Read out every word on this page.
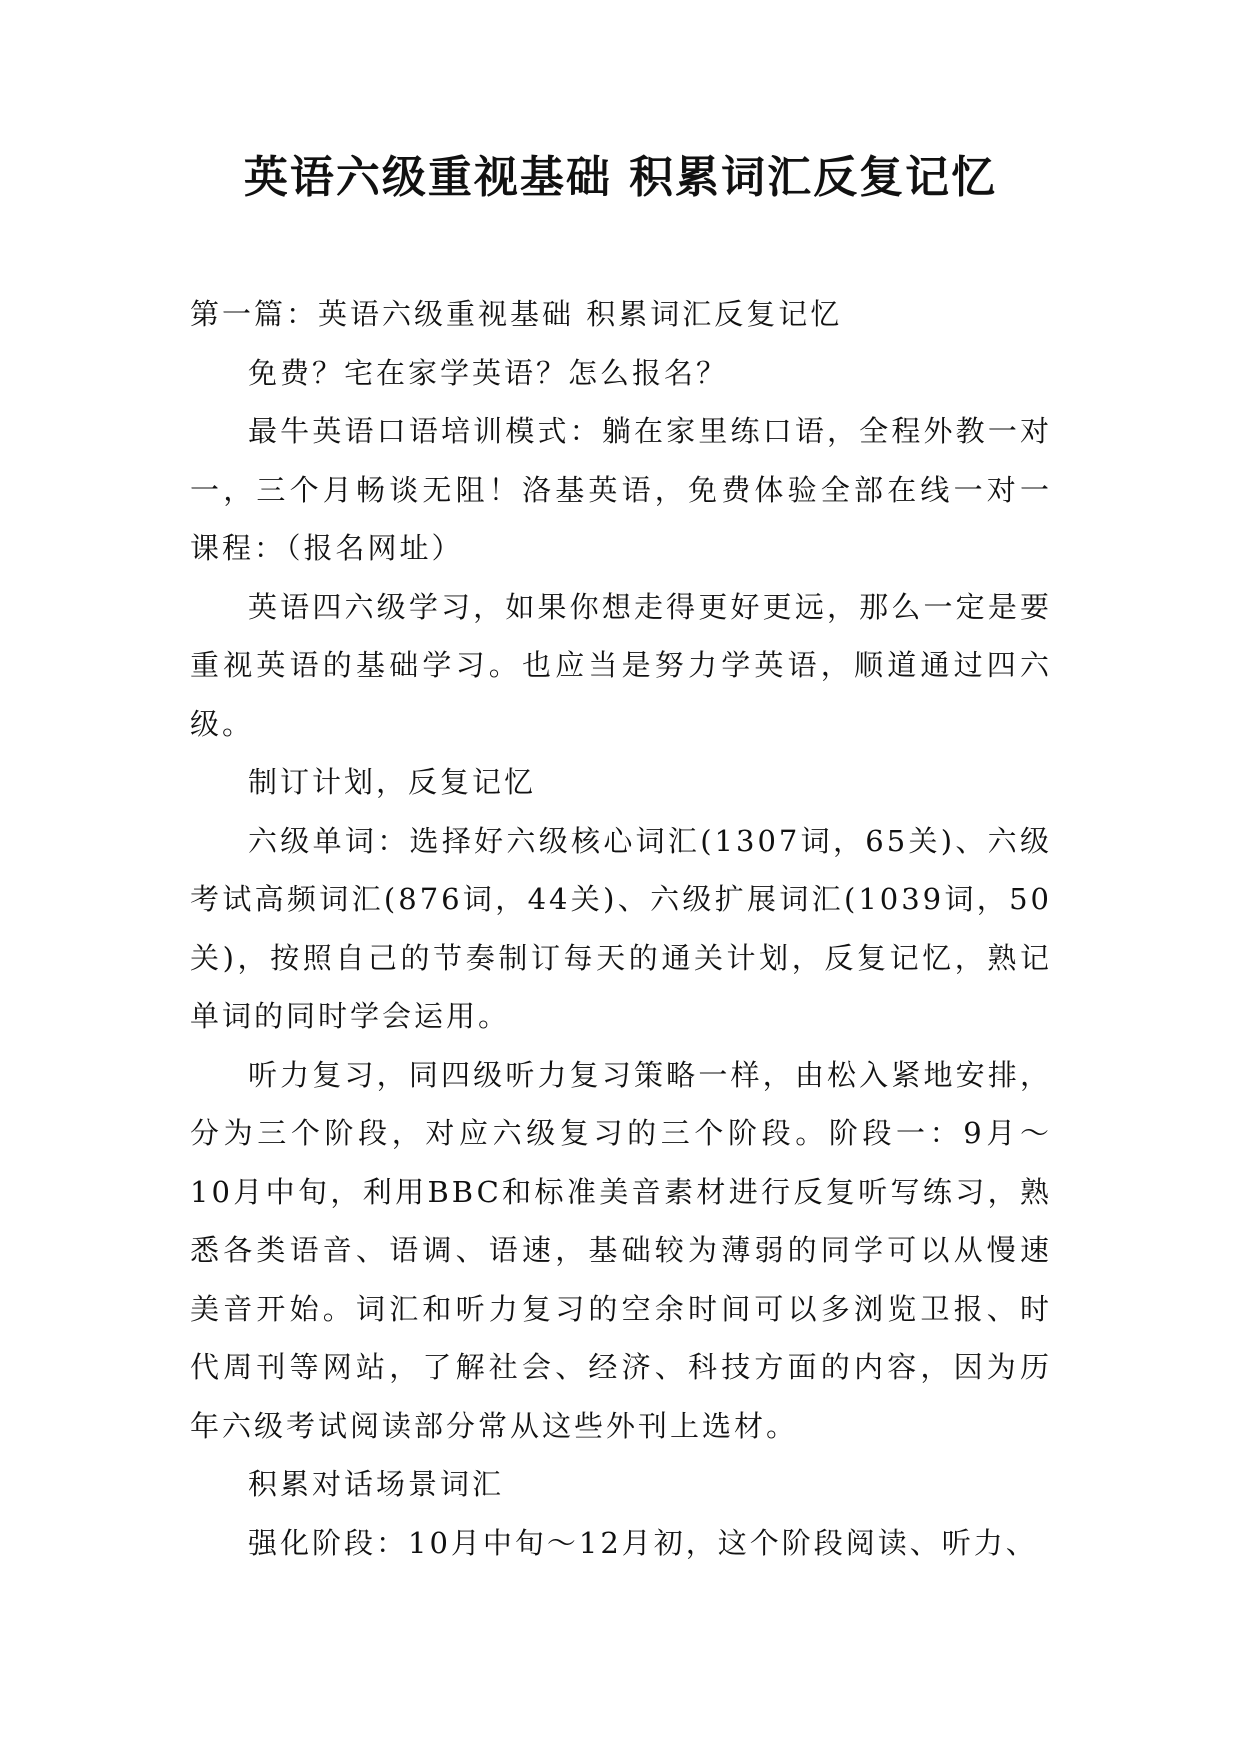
英语六级重视基础 积累词汇反复记忆

第一篇：英语六级重视基础 积累词汇反复记忆

免费？宅在家学英语？怎么报名？

最牛英语口语培训模式：躺在家里练口语，全程外教一对一，三个月畅谈无阻！洛基英语，免费体验全部在线一对一课程：（报名网址）

英语四六级学习，如果你想走得更好更远，那么一定是要重视英语的基础学习。也应当是努力学英语，顺道通过四六级。

制订计划，反复记忆

六级单词：选择好六级核心词汇(1307词，65关)、六级考试高频词汇(876词，44关)、六级扩展词汇(1039词，50关)，按照自己的节奏制订每天的通关计划，反复记忆，熟记单词的同时学会运用。

听力复习，同四级听力复习策略一样，由松入紧地安排，分为三个阶段，对应六级复习的三个阶段。阶段一：9月～10月中旬，利用BBC和标准美音素材进行反复听写练习，熟悉各类语音、语调、语速，基础较为薄弱的同学可以从慢速美音开始。词汇和听力复习的空余时间可以多浏览卫报、时代周刊等网站，了解社会、经济、科技方面的内容，因为历年六级考试阅读部分常从这些外刊上选材。

积累对话场景词汇

强化阶段：10月中旬～12月初，这个阶段阅读、听力、
